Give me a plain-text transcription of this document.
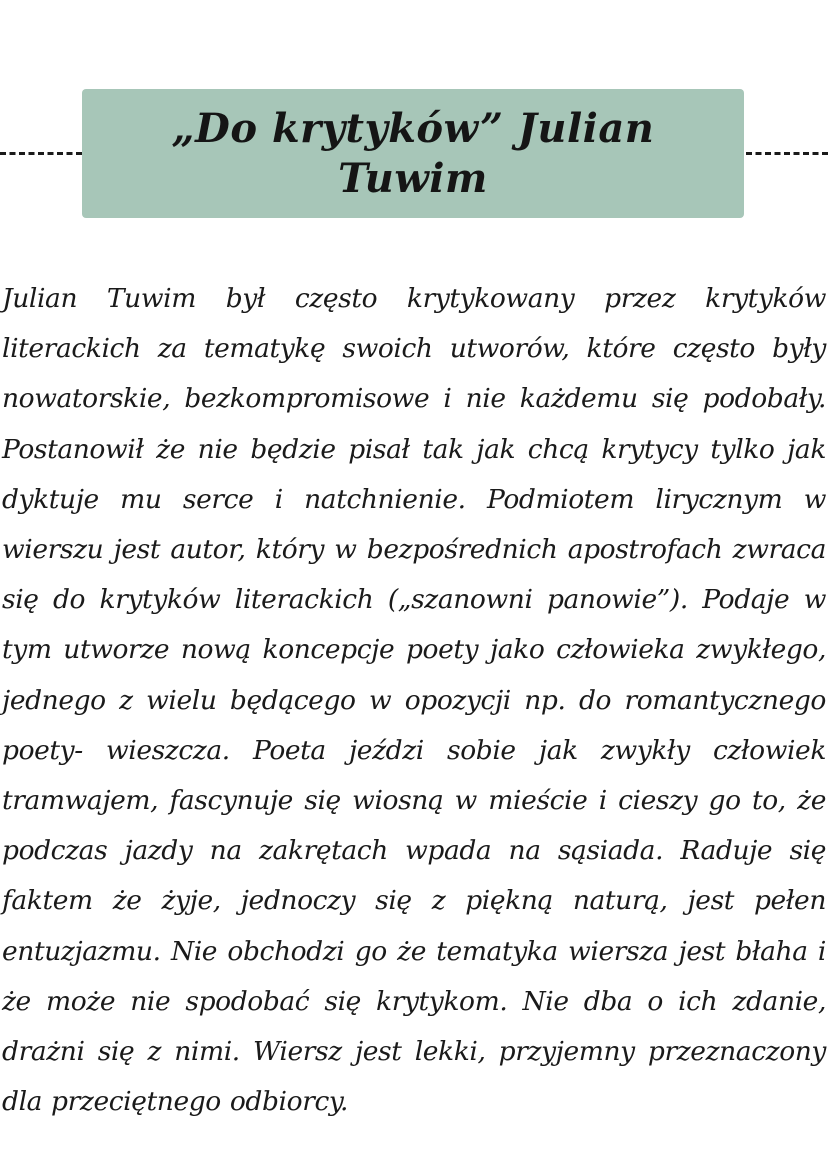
„Do krytyków” Julian Tuwim

Julian Tuwim był często krytykowany przez krytyków literackich za tematykę swoich utworów, które często były nowatorskie, bezkompromisowe i nie każdemu się podobały. Postanowił że nie będzie pisał tak jak chcą krytycy tylko jak dyktuje mu serce i natchnienie. Podmiotem lirycznym w wierszu jest autor, który w bezpośrednich apostrofach zwraca się do krytyków literackich („szanowni panowie”). Podaje w tym utworze nową koncepcje poety jako człowieka zwykłego, jednego z wielu będącego w opozycji np. do romantycznego poety- wieszcza. Poeta jeździ sobie jak zwykły człowiek tramwajem, fascynuje się wiosną w mieście i cieszy go to, że podczas jazdy na zakrętach wpada na sąsiada. Raduje się faktem że żyje, jednoczy się z piękną naturą, jest pełen entuzjazmu. Nie obchodzi go że tematyka wiersza jest błaha i że może nie spodobać się krytykom. Nie dba o ich zdanie, drażni się z nimi. Wiersz jest lekki, przyjemny przeznaczony dla przeciętnego odbiorcy.
